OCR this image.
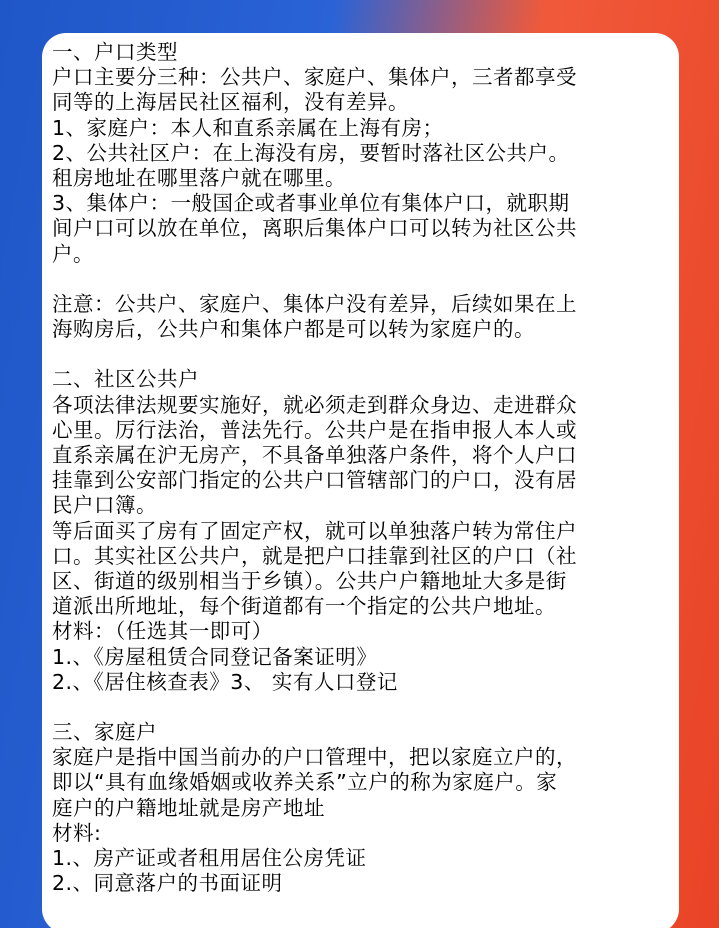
一、户口类型
户口主要分三种：公共户、家庭户、集体户，三者都享受
同等的上海居民社区福利，没有差异。
1、家庭户：本人和直系亲属在上海有房；
2、公共社区户：在上海没有房，要暂时落社区公共户。
租房地址在哪里落户就在哪里。
3、集体户：一般国企或者事业单位有集体户口，就职期
间户口可以放在单位，离职后集体户口可以转为社区公共
户。
注意：公共户、家庭户、集体户没有差异，后续如果在上
海购房后，公共户和集体户都是可以转为家庭户的。
二、社区公共户
各项法律法规要实施好，就必须走到群众身边、走进群众
心里。厉行法治，普法先行。公共户是在指申报人本人或
直系亲属在沪无房产，不具备单独落户条件，将个人户口
挂靠到公安部门指定的公共户口管辖部门的户口，没有居
民户口簿。
等后面买了房有了固定产权，就可以单独落户转为常住户
口。其实社区公共户，就是把户口挂靠到社区的户口（社
区、街道的级别相当于乡镇）。公共户户籍地址大多是街
道派出所地址，每个街道都有一个指定的公共户地址。
材料：（任选其一即可）
1.、《房屋租赁合同登记备案证明》
2.、《居住核查表》3、 实有人口登记
三、家庭户
家庭户是指中国当前办的户口管理中，把以家庭立户的，
即以“具有血缘婚姻或收养关系”立户的称为家庭户。家
庭户的户籍地址就是房产地址
材料:
1.、房产证或者租用居住公房凭证
2.、同意落户的书面证明
